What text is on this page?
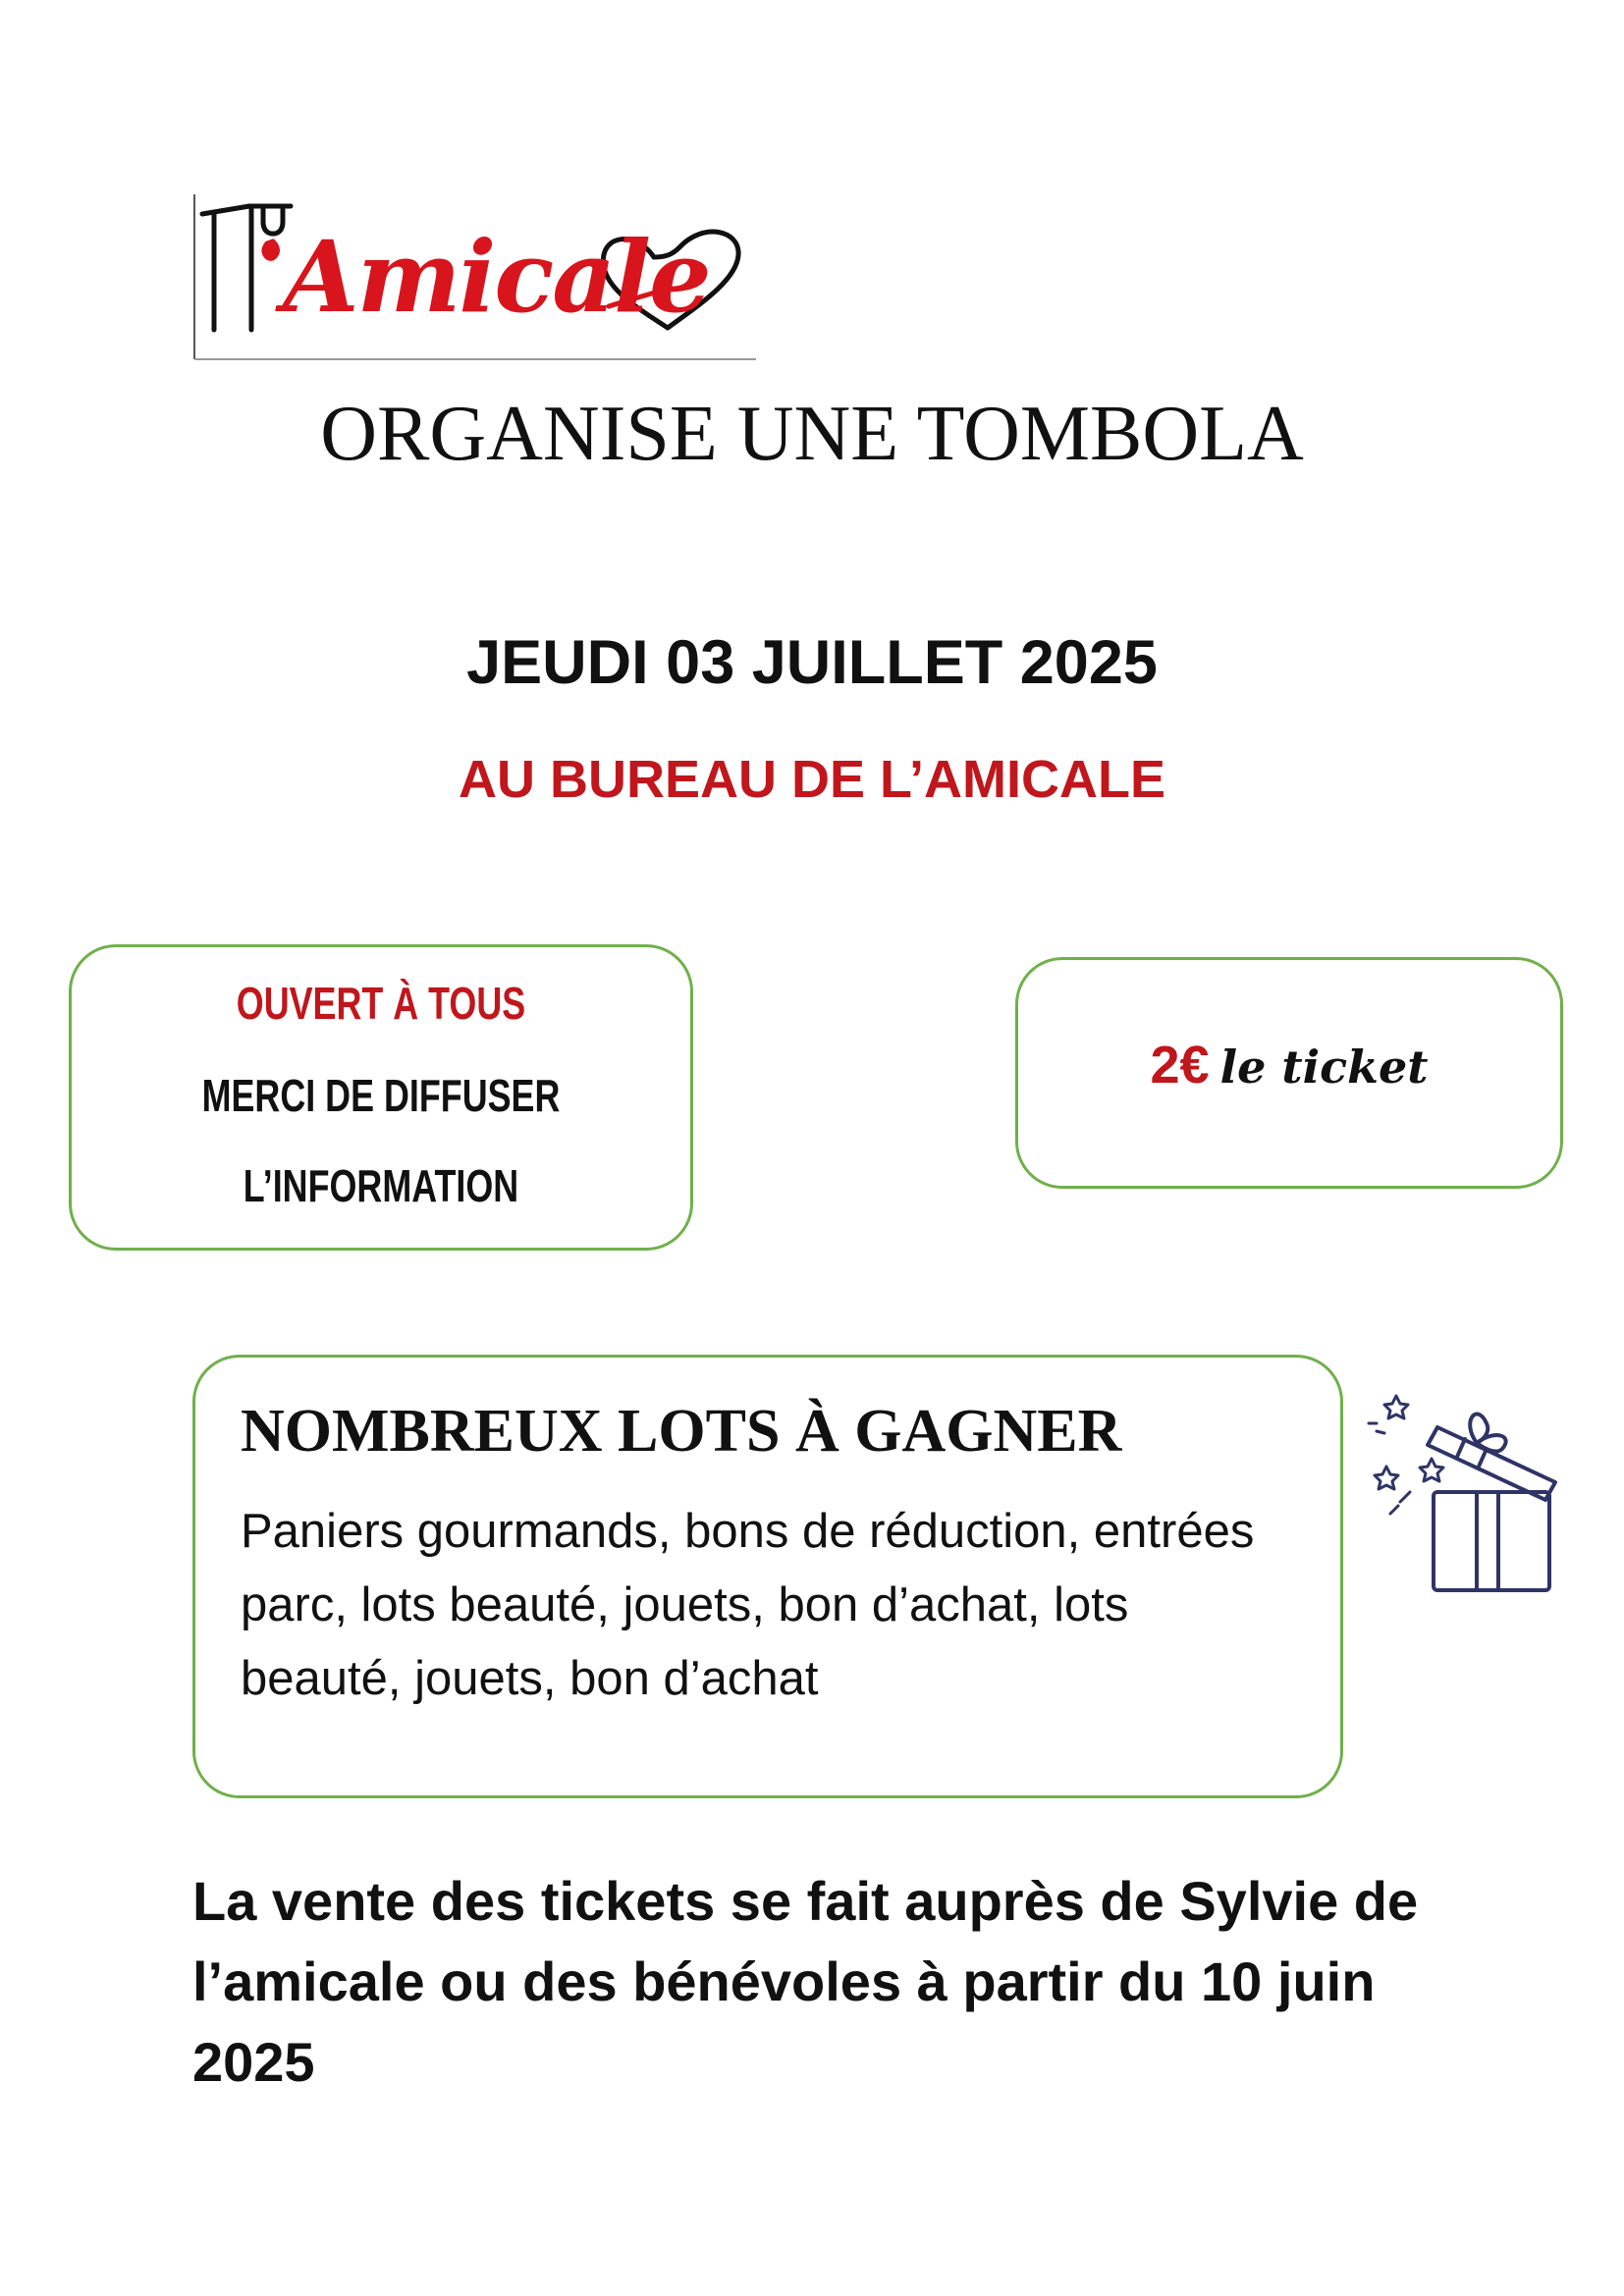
Amicale
ORGANISE UNE TOMBOLA
JEUDI 03 JUILLET 2025
AU BUREAU DE L’AMICALE
OUVERT À TOUS
MERCI DE DIFFUSER
L’INFORMATION
2€ le ticket
NOMBREUX LOTS À GAGNER
Paniers gourmands, bons de réduction, entrées parc, lots beauté, jouets, bon d’achat, lots beauté, jouets, bon d’achat
La vente des tickets se fait auprès de Sylvie de l’amicale ou des bénévoles à partir du 10 juin 2025
